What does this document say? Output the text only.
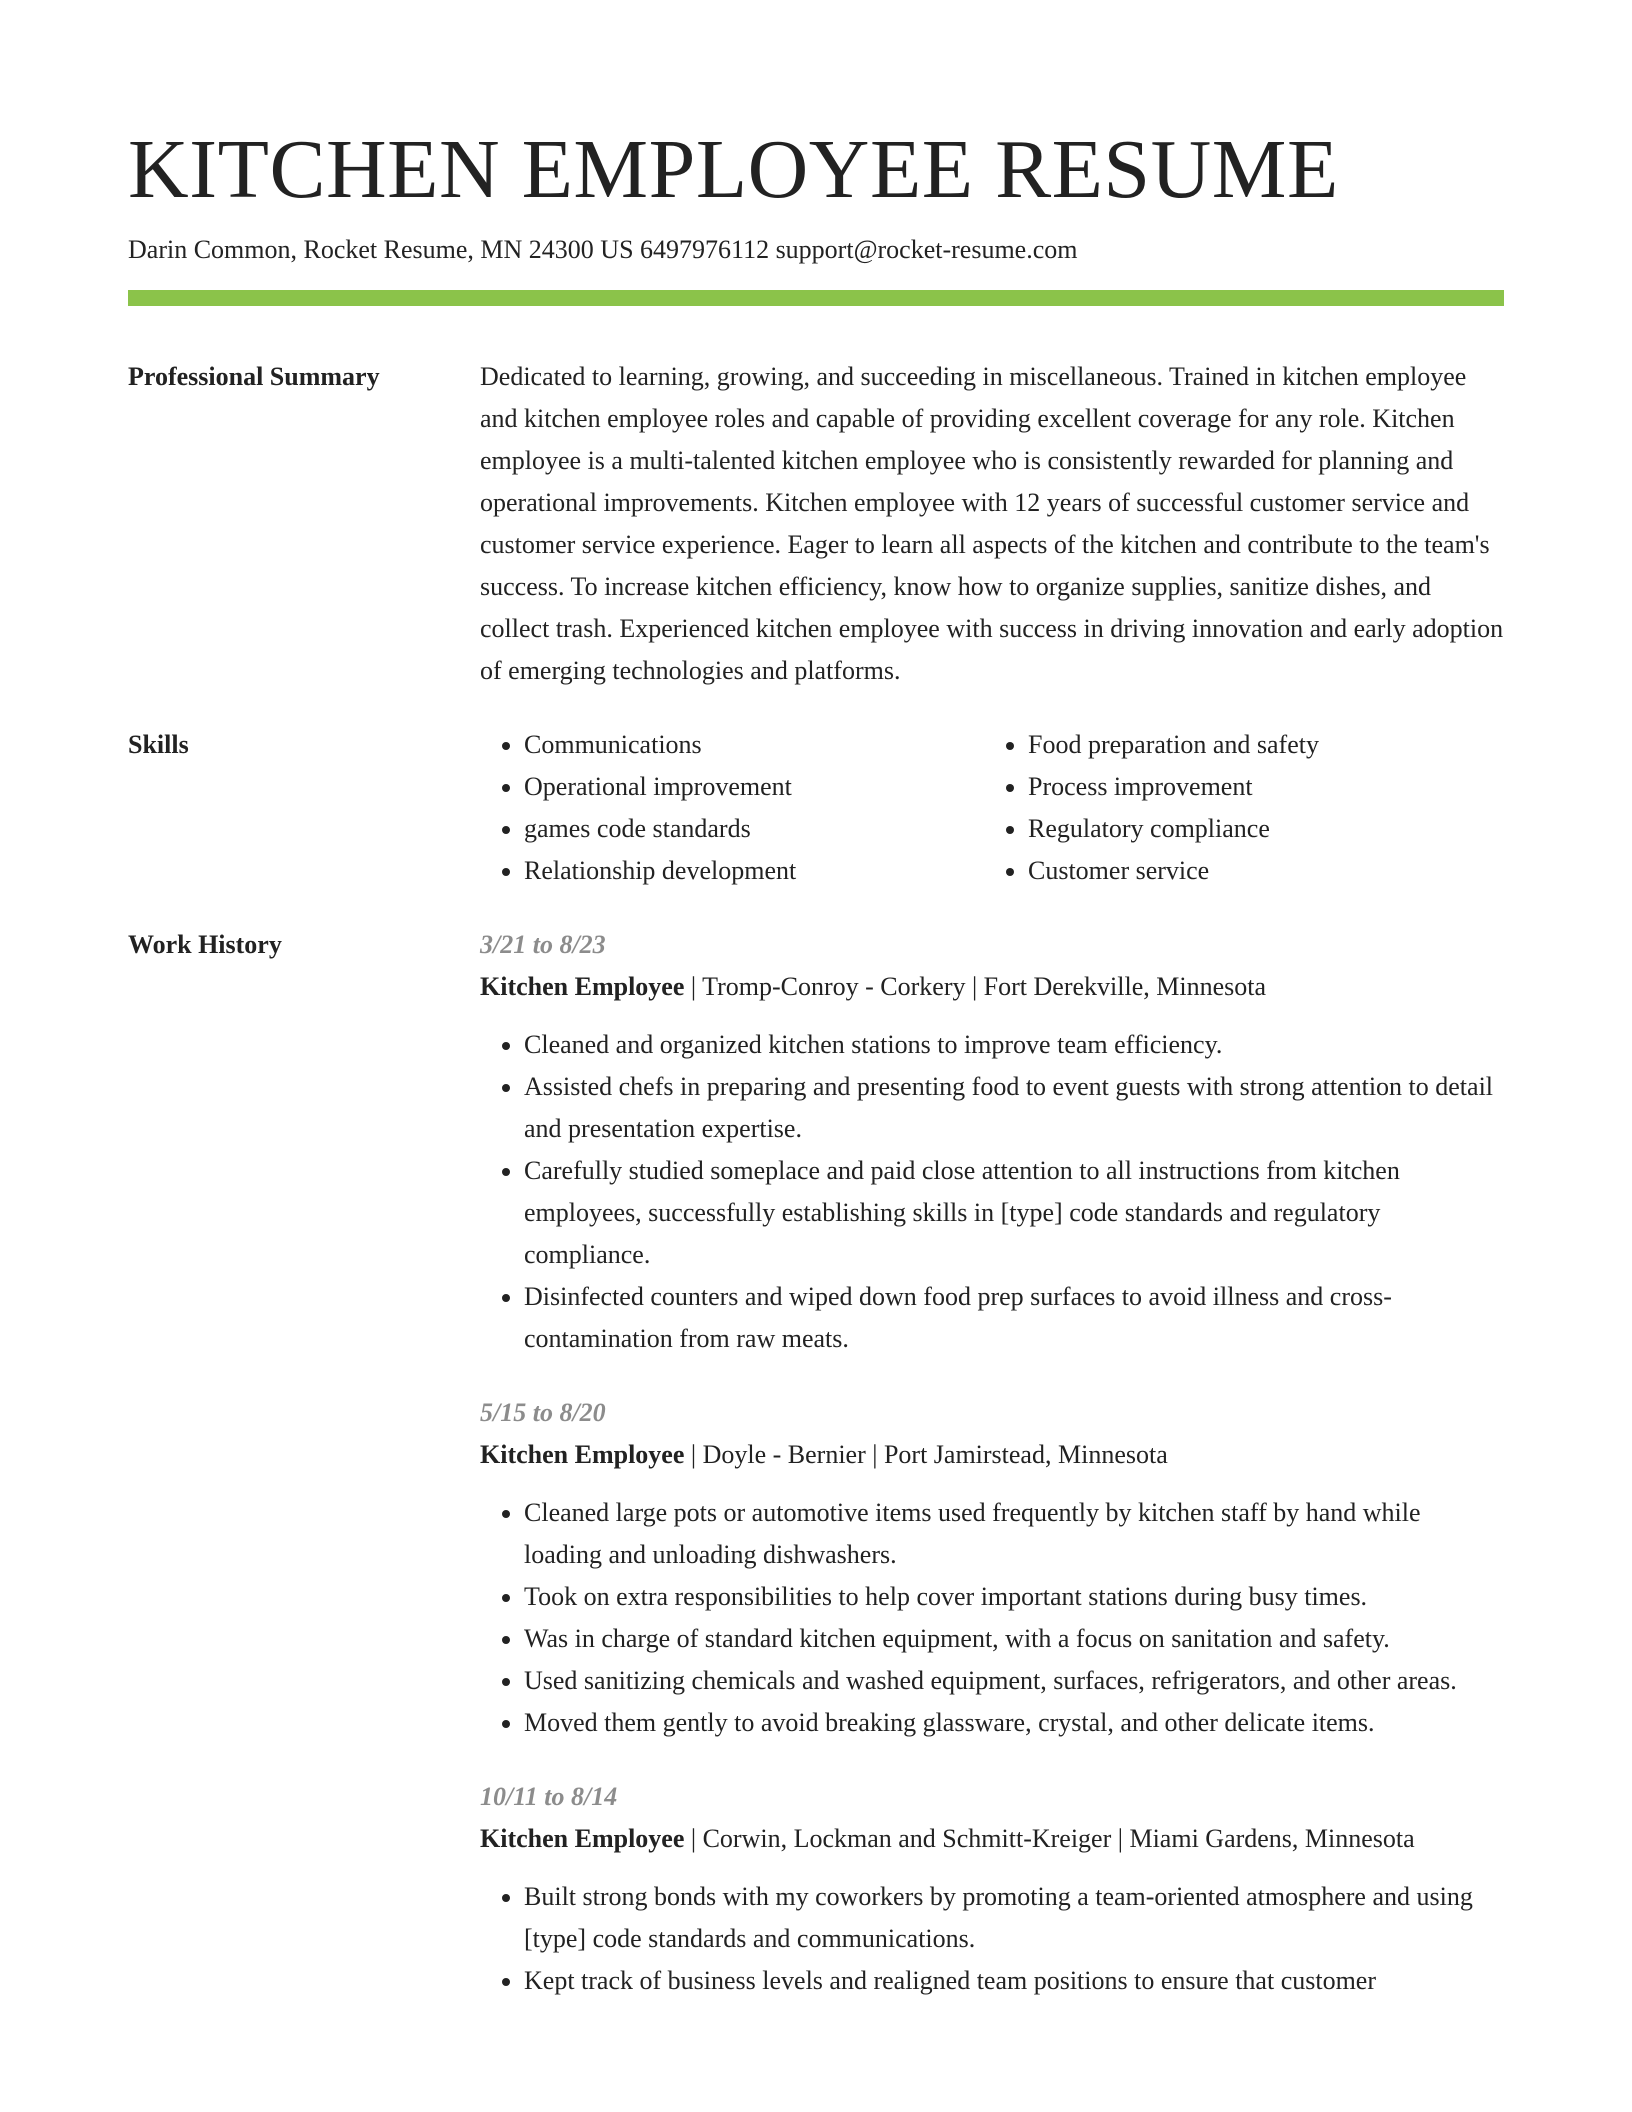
KITCHEN EMPLOYEE RESUME
Darin Common, Rocket Resume, MN 24300 US 6497976112 support@rocket-resume.com
Professional Summary	Dedicated to learning, growing, and succeeding in miscellaneous. Trained in kitchen employee and kitchen employee roles and capable of providing excellent coverage for any role. Kitchen employee is a multi-talented kitchen employee who is consistently rewarded for planning and operational improvements. Kitchen employee with 12 years of successful customer service and customer service experience. Eager to learn all aspects of the kitchen and contribute to the team's success. To increase kitchen efficiency, know how to organize supplies, sanitize dishes, and collect trash. Experienced kitchen employee with success in driving innovation and early adoption of emerging technologies and platforms.
Skills
•	Communications
• Operational improvement
• games code standards
• Relationship development
• Food preparation and safety
• Process improvement
• Regulatory compliance
• Customer service
Work History	3/21 to 8/23
Kitchen Employee | Tromp-Conroy - Corkery | Fort Derekville, Minnesota
• Cleaned and organized kitchen stations to improve team efficiency.
• Assisted chefs in preparing and presenting food to event guests with strong attention to detail and presentation expertise.
• Carefully studied someplace and paid close attention to all instructions from kitchen employees, successfully establishing skills in [type] code standards and regulatory compliance.
• Disinfected counters and wiped down food prep surfaces to avoid illness and cross-contamination from raw meats.
5/15 to 8/20
Kitchen Employee | Doyle - Bernier | Port Jamirstead, Minnesota
• Cleaned large pots or automotive items used frequently by kitchen staff by hand while loading and unloading dishwashers.
• Took on extra responsibilities to help cover important stations during busy times.
• Was in charge of standard kitchen equipment, with a focus on sanitation and safety.
• Used sanitizing chemicals and washed equipment, surfaces, refrigerators, and other areas.
• Moved them gently to avoid breaking glassware, crystal, and other delicate items.
10/11 to 8/14
Kitchen Employee | Corwin, Lockman and Schmitt-Kreiger | Miami Gardens, Minnesota
• Built strong bonds with my coworkers by promoting a team-oriented atmosphere and using [type] code standards and communications.
• Kept track of business levels and realigned team positions to ensure that customer
